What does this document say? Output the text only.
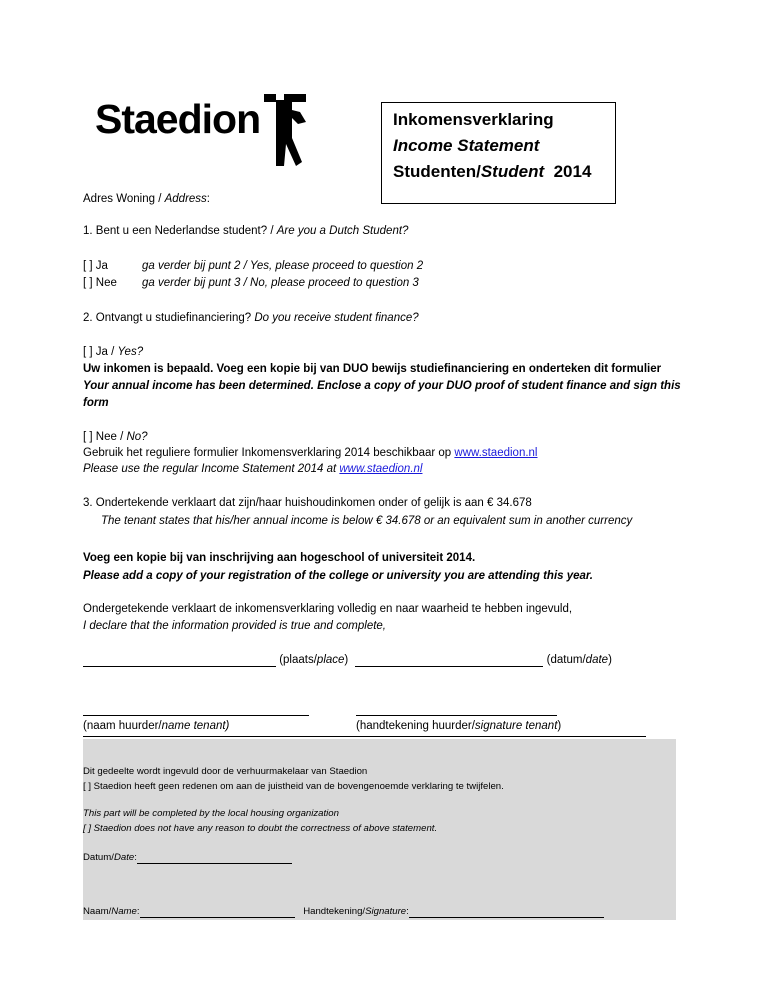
Staedion	Inkomensverklaring
Income Statement
Studenten/Student 2014
Adres Woning / Address:
1. Bent u een Nederlandse student? / Are you a Dutch Student?
[ ] Ja	ga verder bij punt 2 / Yes, please proceed to question 2
[ ] Nee ga verder bij punt 3 / No, please proceed to question 3
2. Ontvangt u studiefinanciering? Do you receive student finance?
[ ] Ja / Yes?
Uw inkomen is bepaald. Voeg een kopie bij van DUO bewijs studiefinanciering en onderteken dit formulier
Your annual income has been determined. Enclose a copy of your DUO proof of student finance and sign this
form
[ ] Nee / No?
Gebruik het reguliere formulier Inkomensverklaring 2014 beschikbaar op www.staedion.nl
Please use the regular Income Statement 2014 at www.staedion.nl
3. Ondertekende verklaart dat zijn/haar huishoudinkomen onder of gelijk is aan € 34.678
The tenant states that his/her annual income is below € 34.678 or an equivalent sum in another currency
Voeg een kopie bij van inschrijving aan hogeschool of universiteit 2014.
Please add a copy of your registration of the college or university you are attending this year.
Ondergetekende verklaart de inkomensverklaring volledig en naar waarheid te hebben ingevuld,
I declare that the information provided is true and complete,
(plaats/place)	(datum/date)
(naam huurder/name tenant)	(handtekening huurder/signature tenant)
Dit gedeelte wordt ingevuld door de verhuurmakelaar van Staedion
[ ] Staedion heeft geen redenen om aan de juistheid van de bovengenoemde verklaring te twijfelen.
This part will be completed by the local housing organization
[ ] Staedion does not have any reason to doubt the correctness of above statement.
Datum/Date:
Naam/Name:	Handtekening/Signature:
